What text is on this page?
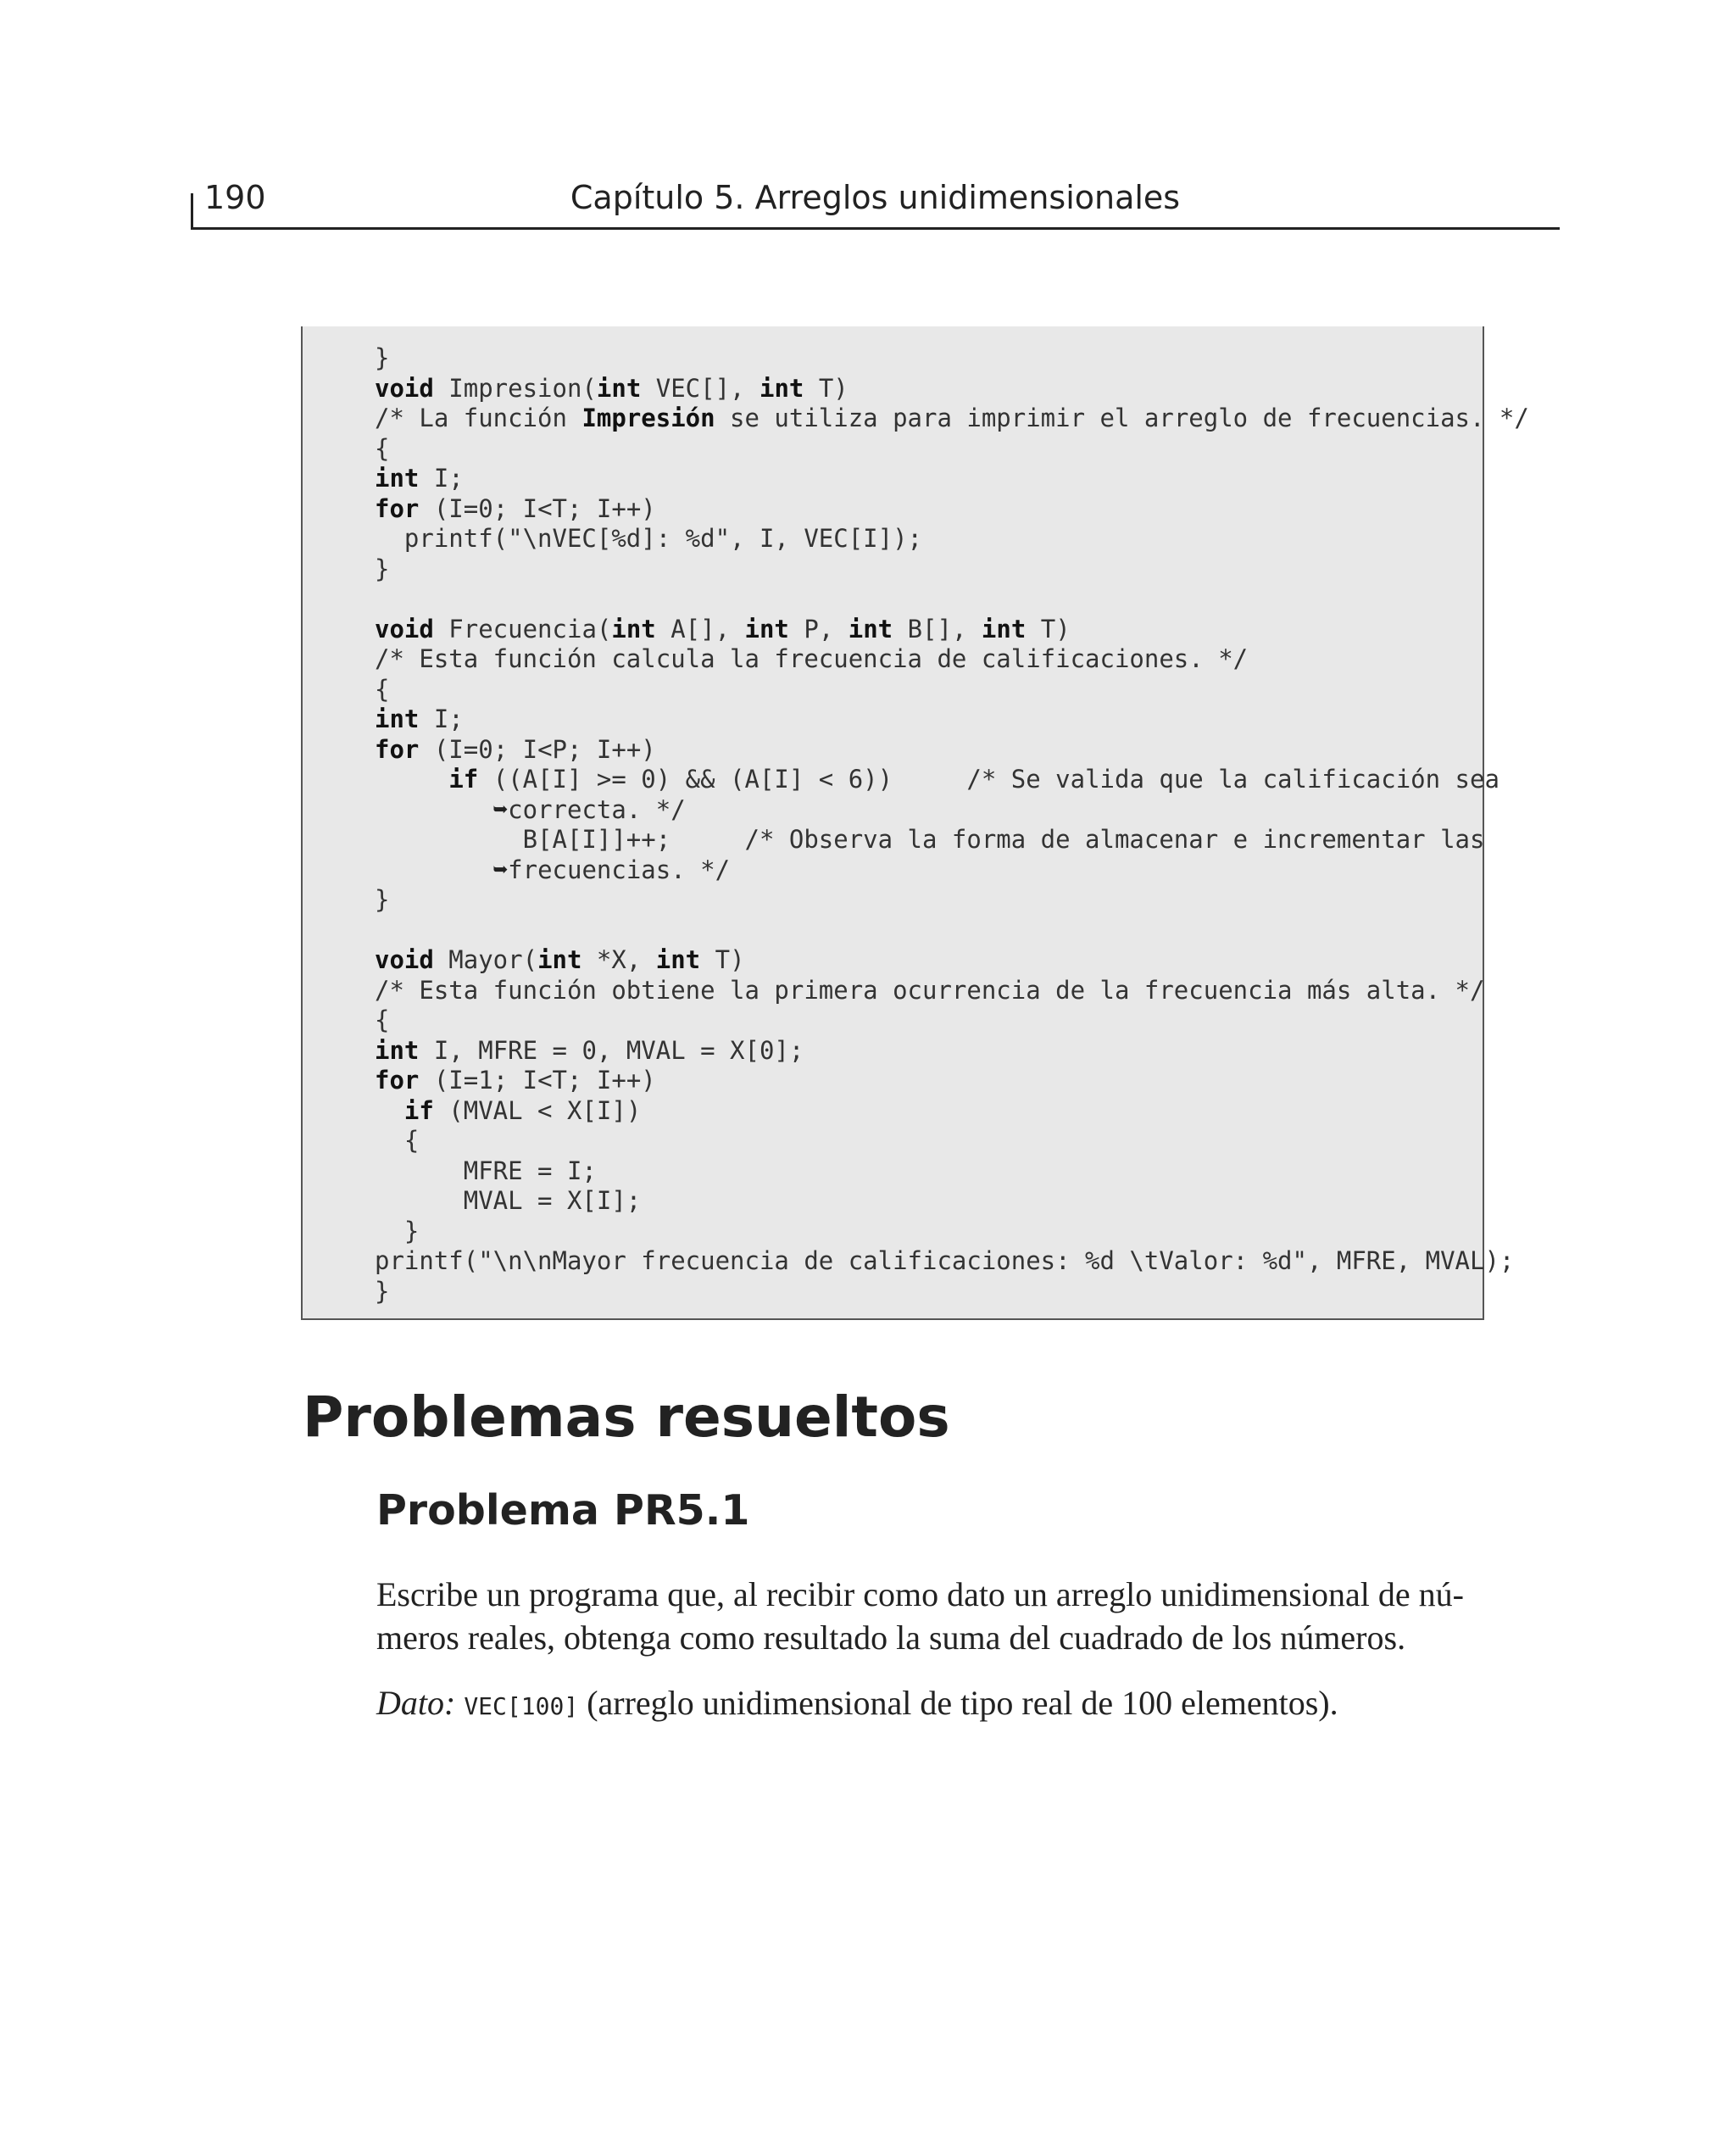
190	Capítulo 5. Arreglos unidimensionales
}
void Impresion(int VEC[], int T)
/* La función Impresión se utiliza para imprimir el arreglo de frecuencias. */
{
int I;
for (I=0; I<T; I++)
printf("\nVEC[%d]: %d", I, VEC[I]);
}
void Frecuencia(int A[], int P, int B[], int T)
/* Esta función calcula la frecuencia de calificaciones. */
{
int I;
for (I=0; I<P; I++)
if ((A[I] >= 0) && (A[I] < 6))     /* Se valida que la calificación sea
➥correcta. */
B[A[I]]++;     /* Observa la forma de almacenar e incrementar las
➥frecuencias. */
}
void Mayor(int *X, int T)
/* Esta función obtiene la primera ocurrencia de la frecuencia más alta. */
{
int I, MFRE = 0, MVAL = X[0];
for (I=1; I<T; I++)
if (MVAL < X[I])
{
MFRE = I;
MVAL = X[I];
}
printf("\n\nMayor frecuencia de calificaciones: %d \tValor: %d", MFRE, MVAL);
}
Problemas resueltos
Problema PR5.1

Escribe un programa que, al recibir como dato un arreglo unidimensional de nú-
meros reales, obtenga como resultado la suma del cuadrado de los números.

Dato: VEC[100] (arreglo unidimensional de tipo real de 100 elementos).
